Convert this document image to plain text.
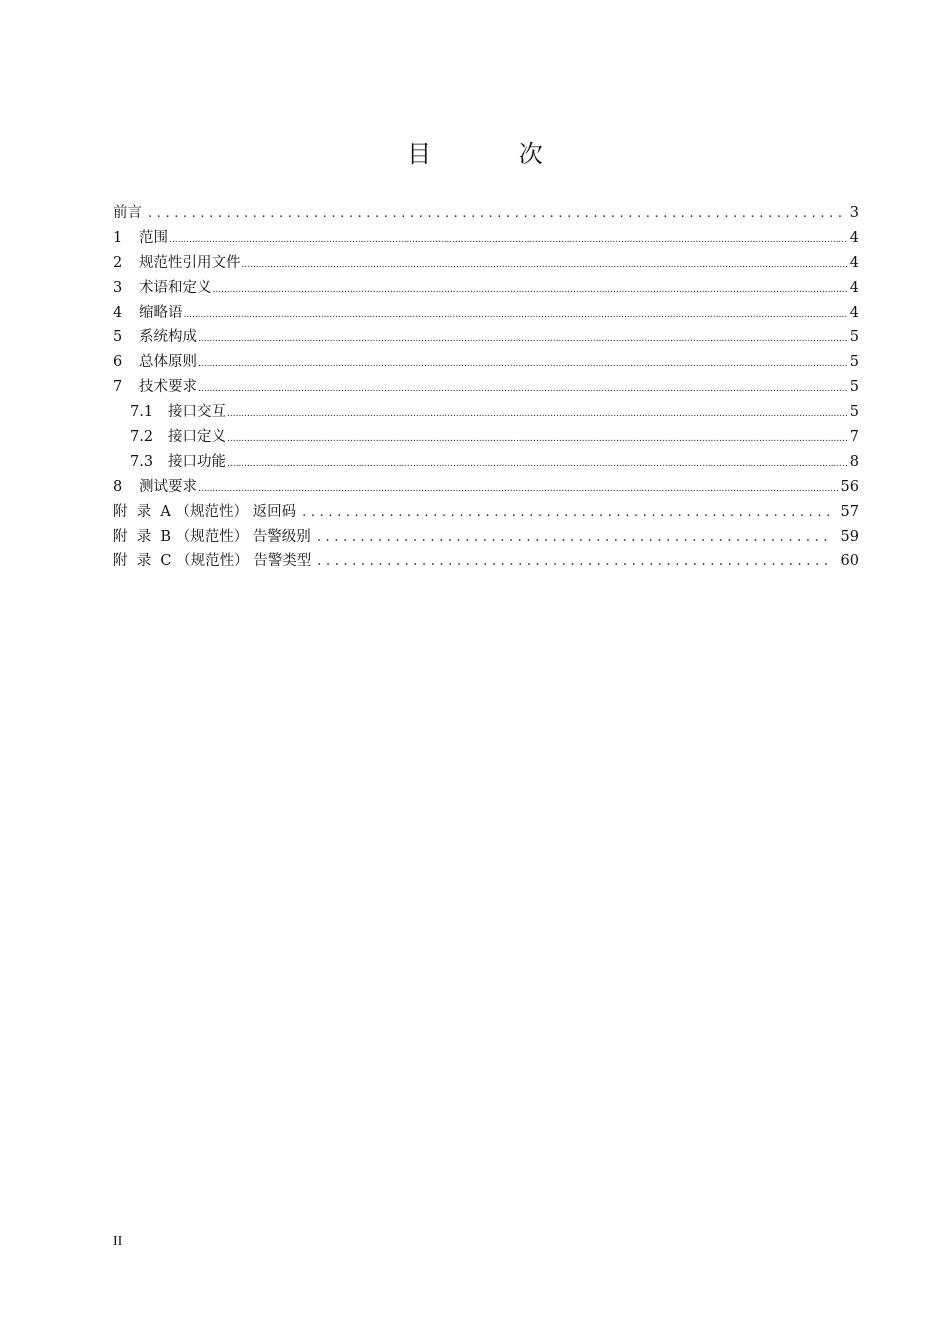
目 次
前言 .....	3
1	范围 .....	4
2	规范性引用文件 .....	4
3	术语和定义 .....	4
4	缩略语 .....	4
5	系统构成 .....	5
6	总体原则 .....	5
7	技术要求 .....	5
7.1	接口交互 .....	5
7.2	接口定义 .....	7
7.3	接口功能 .....	8
8	测试要求 .....	56
附  录  A （规范性） 返回码 .....	57
附  录  B （规范性） 告警级别 .....	59
附  录  C （规范性） 告警类型 .....	60
II
